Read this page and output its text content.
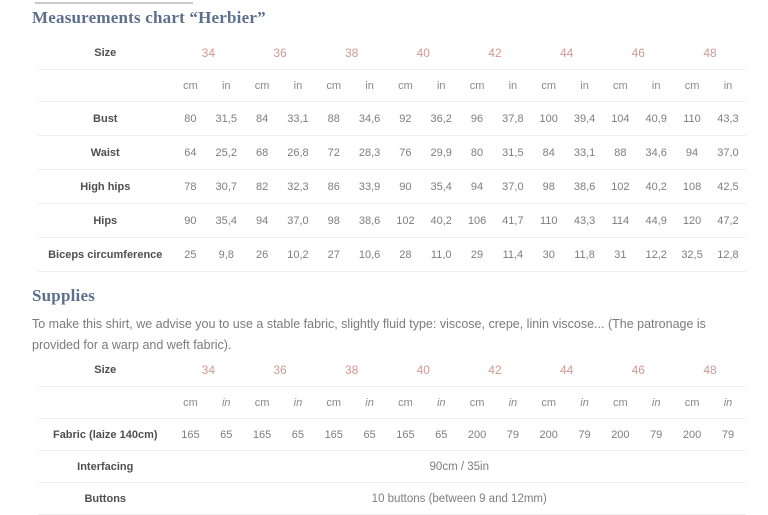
Measurements chart “Herbier”
Size	34		36		38		40		42		44		46		48	
	cm	in	cm	in	cm	in	cm	in	cm	in	cm	in	cm	in	cm	in
Bust	80	31,5	84	33,1	88	34,6	92	36,2	96	37,8	100	39,4	104	40,9	110	43,3
Waist	64	25,2	68	26,8	72	28,3	76	29,9	80	31,5	84	33,1	88	34,6	94	37,0
High hips	78	30,7	82	32,3	86	33,9	90	35,4	94	37,0	98	38,6	102	40,2	108	42,5
Hips	90	35,4	94	37,0	98	38,6	102	40,2	106	41,7	110	43,3	114	44,9	120	47,2
Biceps circumference	25	9,8	26	10,2	27	10,6	28	11,0	29	11,4	30	11,8	31	12,2	32,5	12,8
Supplies

To make this shirt, we advise you to use a stable fabric, slightly fluid type: viscose, crepe, linin viscose... (The patronage is provided for a warp and weft fabric).

Size	34		36		38		40		42		44		46		48	
	cm	in	cm	in	cm	in	cm	in	cm	in	cm	in	cm	in	cm	in
Fabric (laize 140cm)	165	65	165	65	165	65	165	65	200	79	200	79	200	79	200	79
Interfacing	90cm / 35in															
Buttons	10 buttons (between 9 and 12mm)															
